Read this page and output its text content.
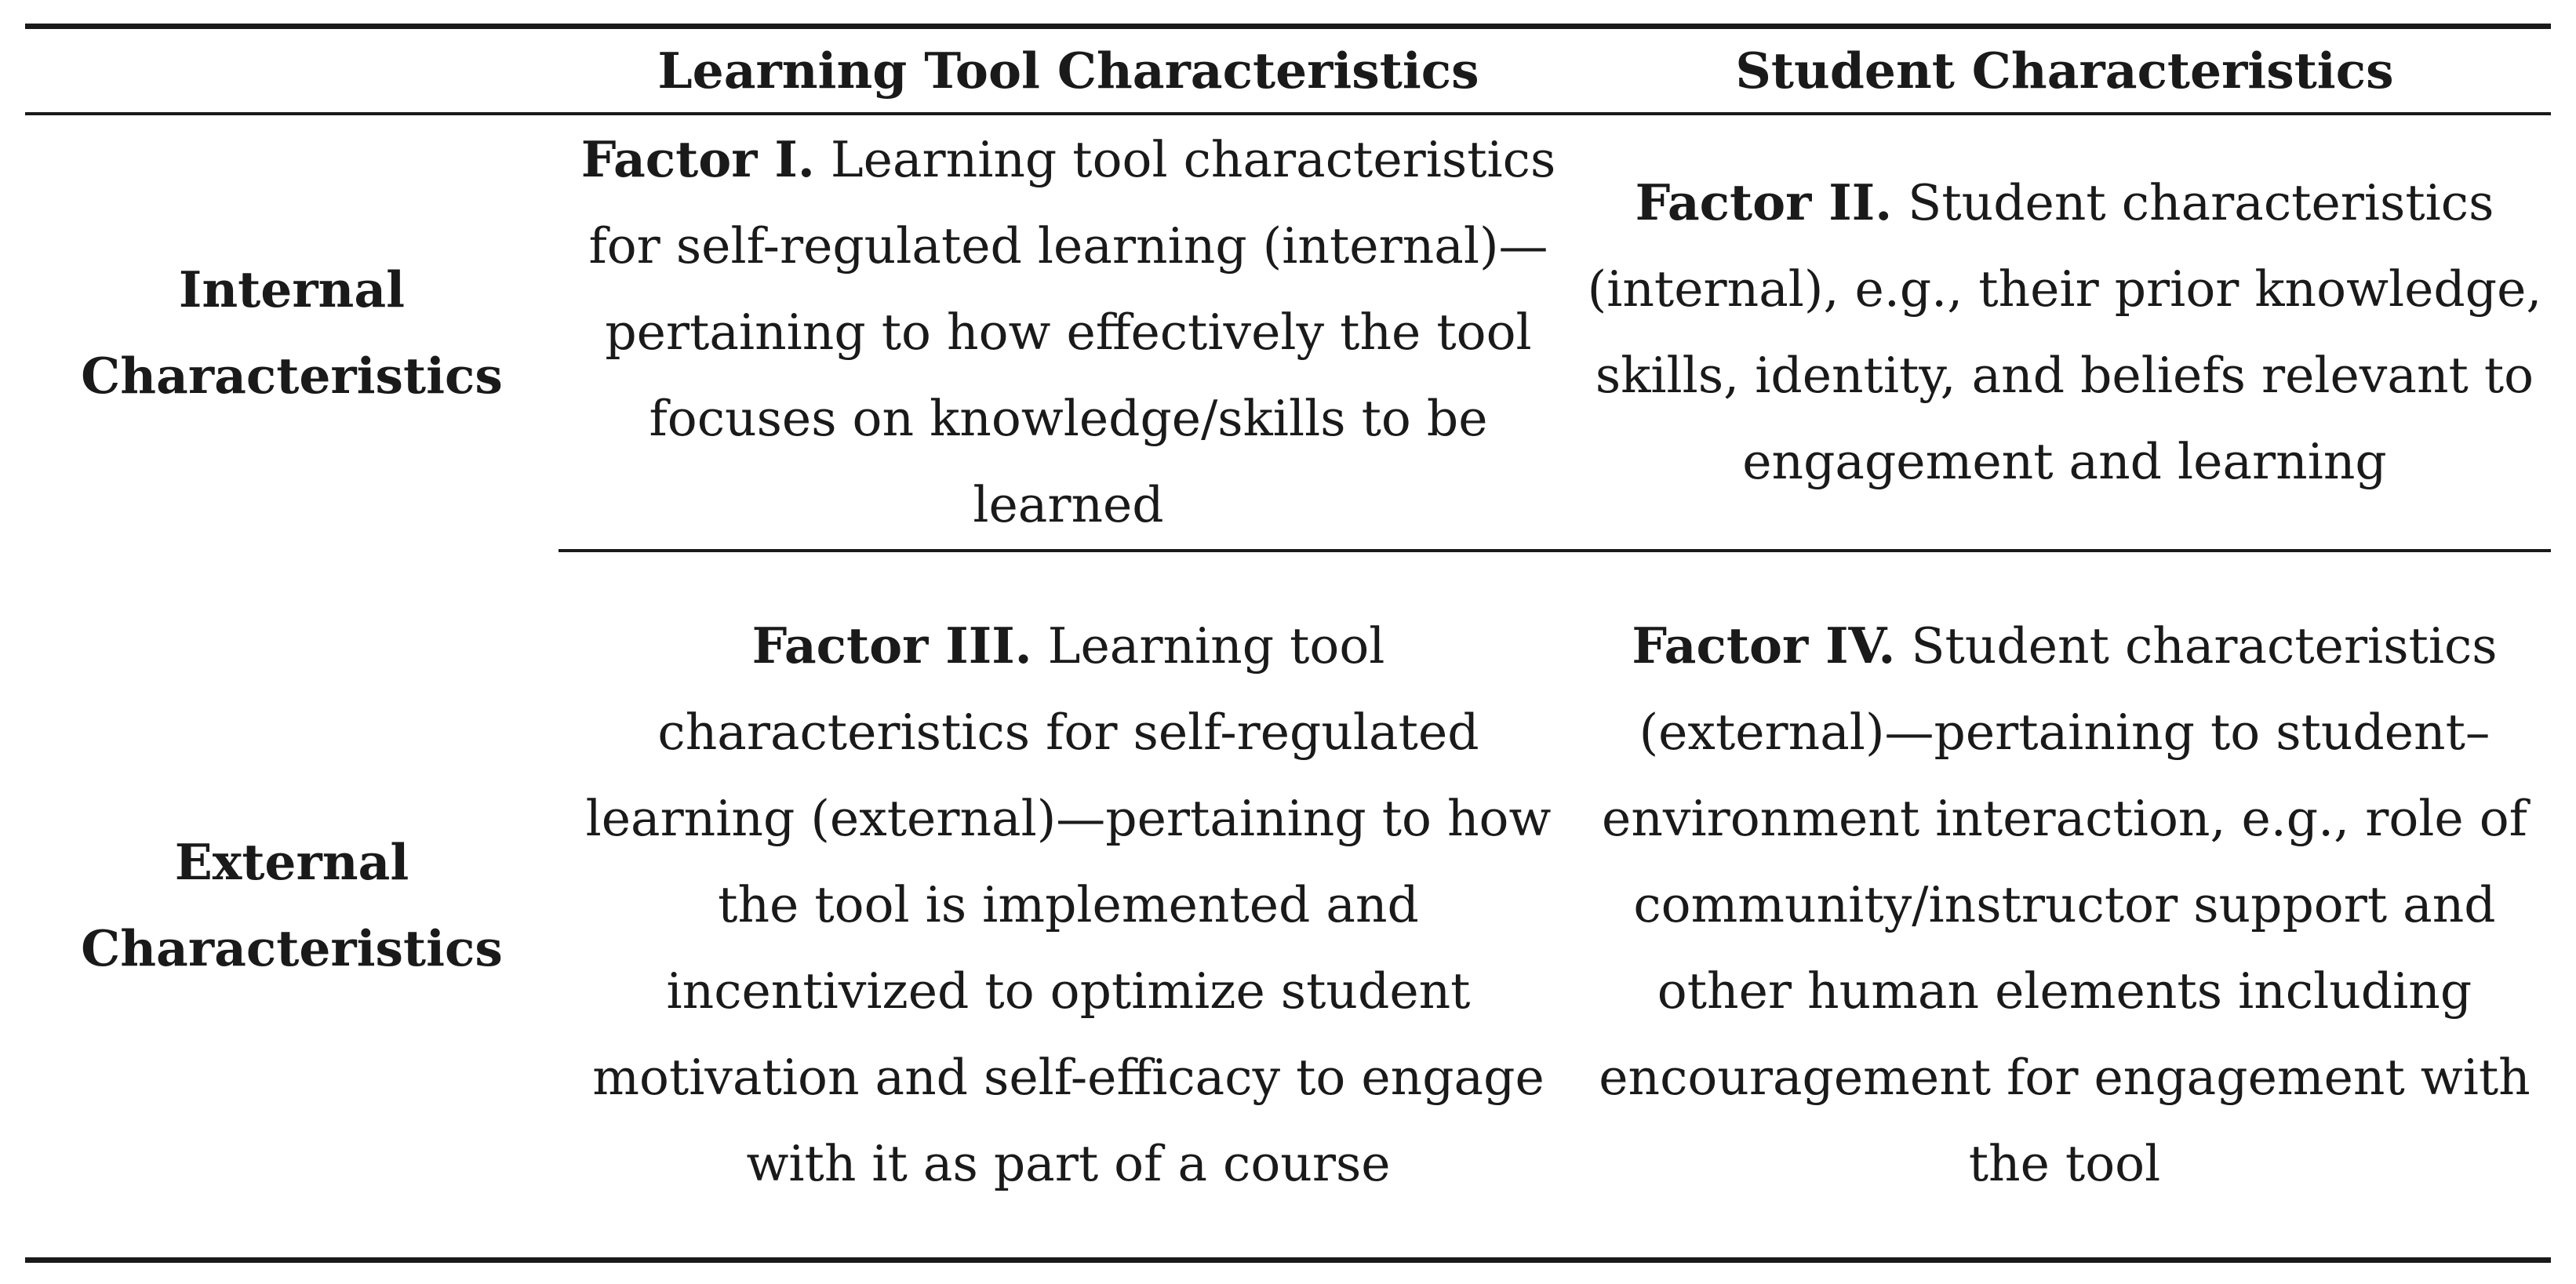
Learning Tool Characteristics	Student Characteristics
Internal
Characteristics
External
Characteristics

Factor I. Learning tool characteristics for self-regulated learning (internal)—pertaining to how effectively the tool focuses on knowledge/skills to be learned

Factor II. Student characteristics (internal), e.g., their prior knowledge, skills, identity, and beliefs relevant to engagement and learning

Factor III. Learning tool characteristics for self-regulated learning (external)—pertaining to how the tool is implemented and incentivized to optimize student motivation and self-efficacy to engage with it as part of a course

Factor IV. Student characteristics (external)—pertaining to student–environment interaction, e.g., role of community/instructor support and other human elements including encouragement for engagement with the tool
